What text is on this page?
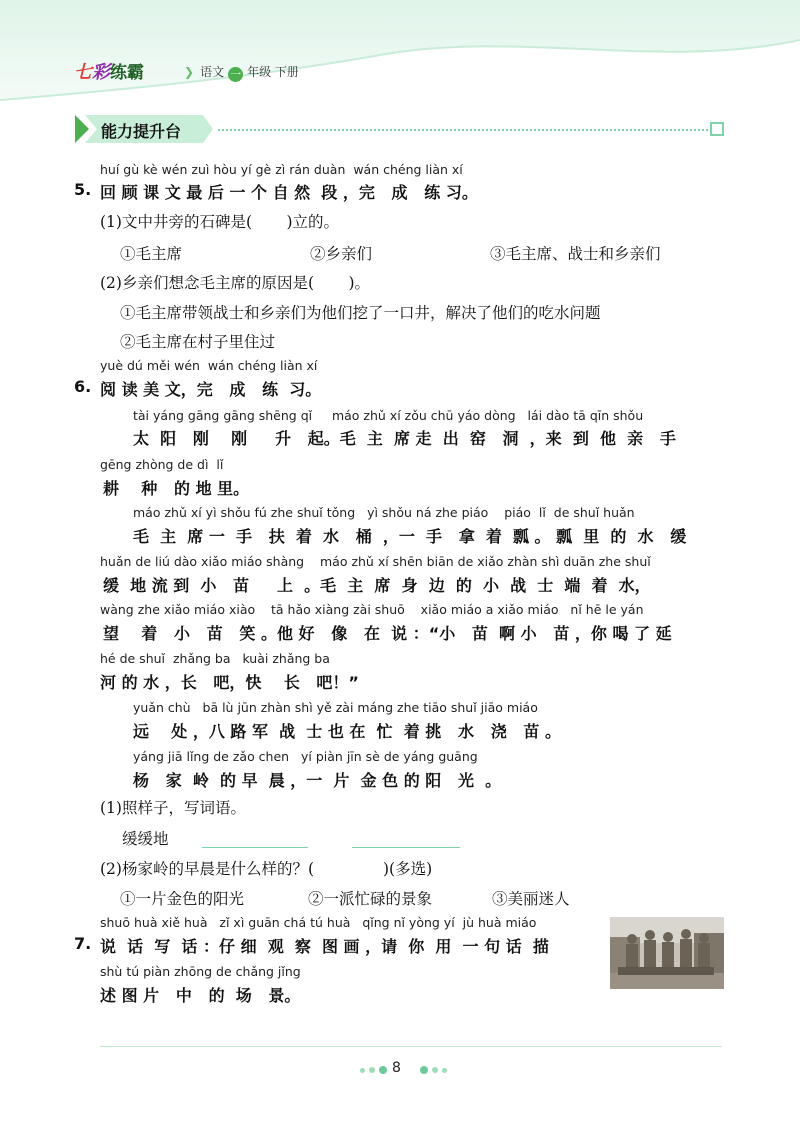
七彩练霸	❯ 语文 一 年级 下册
能力提升台
huí gù kè wén zuì hòu yí gè zì rán duàn  wán chéng liàn xí
5. 回 顾 课 文 最 后 一 个 自 然  段 ，完   成   练 习。
(1)文中井旁的石碑是(       )立的。
①毛主席	②乡亲们	③毛主席、战士和乡亲们
(2)乡亲们想念毛主席的原因是(       )。
①毛主席带领战士和乡亲们为他们挖了一口井，解决了他们的吃水问题
②毛主席在村子里住过
yuè dú měi wén  wán chéng liàn xí
6. 阅 读 美 文，完   成   练  习。
tài yáng gāng gāng shēng qǐ     máo zhǔ xí zǒu chū yáo dòng   lái dào tā qīn shǒu
太  阳   刚    刚     升   起。毛  主  席 走  出  窑   洞  ，来  到  他  亲   手
gēng zhòng de dì  lǐ
耕    种   的 地 里。
máo zhǔ xí yì shǒu fú zhe shuǐ tǒng   yì shǒu ná zhe piáo    piáo  lǐ  de shuǐ huǎn
毛  主  席 一  手   扶  着  水   桶  ，一  手   拿  着  瓢 。 瓢  里  的  水   缓
huǎn de liú dào xiǎo miáo shàng    máo zhǔ xí shēn biān de xiǎo zhàn shì duān zhe shuǐ
缓  地 流 到  小   苗     上  。毛  主  席  身  边  的  小  战  士  端  着  水，
wàng zhe xiǎo miáo xiào    tā hǎo xiàng zài shuō    xiǎo miáo a xiǎo miáo   nǐ hē le yán
望    着   小   苗   笑 。他 好   像   在  说 ：“小   苗  啊 小   苗 ，你 喝 了 延
hé de shuǐ  zhǎng ba   kuài zhǎng ba
河 的 水 ，长   吧，快    长   吧！”
yuǎn chù   bā lù jūn zhàn shì yě zài máng zhe tiāo shuǐ jiāo miáo
远    处 ，八 路 军  战  士 也 在  忙  着 挑   水   浇   苗 。
yáng jiā lǐng de zǎo chen   yí piàn jīn sè de yáng guāng
杨   家  岭  的 早  晨 ，一  片  金 色 的 阳   光  。
(1)照样子，写词语。
缓缓地
(2)杨家岭的早晨是什么样的？(              )(多选)
①一片金色的阳光	②一派忙碌的景象	③美丽迷人
shuō huà xiě huà   zǐ xì guān chá tú huà   qǐng nǐ yòng yí  jù huà miáo
7. 说  话  写  话 ：仔 细  观  察  图 画 ，请  你  用  一 句 话  描
shù tú piàn zhōng de chǎng jǐng
述 图 片   中   的  场   景。
8
